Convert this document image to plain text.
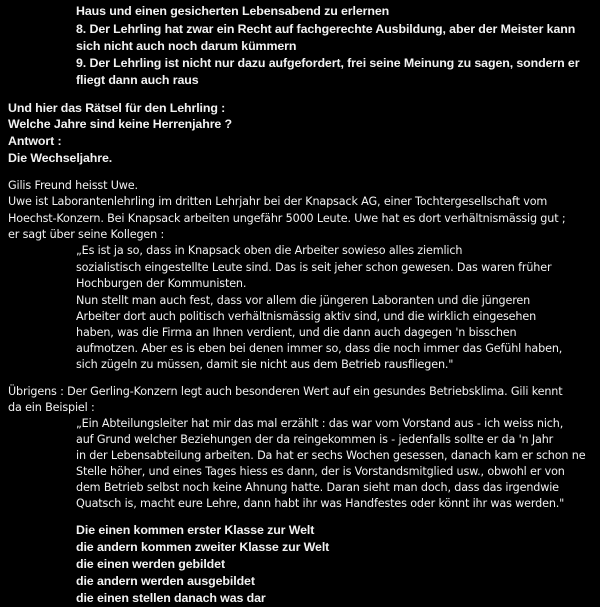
Haus und einen gesicherten Lebensabend zu erlernen
8. Der Lehrling hat zwar ein Recht auf fachgerechte Ausbildung, aber der Meister kann
sich nicht auch noch darum kümmern
9. Der Lehrling ist nicht nur dazu aufgefordert, frei seine Meinung zu sagen, sondern er
fliegt dann auch raus
Und hier das Rätsel für den Lehrling :
Welche Jahre sind keine Herrenjahre ?
Antwort :
Die Wechseljahre.
Gilis Freund heisst Uwe.
Uwe ist Laborantenlehrling im dritten Lehrjahr bei der Knapsack AG, einer Tochtergesellschaft vom
Hoechst-Konzern. Bei Knapsack arbeiten ungefähr 5000 Leute. Uwe hat es dort verhältnismässig gut ;
er sagt über seine Kollegen :
„Es ist ja so, dass in Knapsack oben die Arbeiter sowieso alles ziemlich
sozialistisch eingestellte Leute sind. Das is seit jeher schon gewesen. Das waren früher
Hochburgen der Kommunisten.
Nun stellt man auch fest, dass vor allem die jüngeren Laboranten und die jüngeren
Arbeiter dort auch politisch verhältnismässig aktiv sind, und die wirklich eingesehen
haben, was die Firma an Ihnen verdient, und die dann auch dagegen 'n bisschen
aufmotzen. Aber es is eben bei denen immer so, dass die noch immer das Gefühl haben,
sich zügeln zu müssen, damit sie nicht aus dem Betrieb rausfliegen."
Übrigens : Der Gerling-Konzern legt auch besonderen Wert auf ein gesundes Betriebsklima. Gili kennt
da ein Beispiel :
„Ein Abteilungsleiter hat mir das mal erzählt : das war vom Vorstand aus - ich weiss nich,
auf Grund welcher Beziehungen der da reingekommen is - jedenfalls sollte er da 'n Jahr
in der Lebensabteilung arbeiten. Da hat er sechs Wochen gesessen, danach kam er schon ne
Stelle höher, und eines Tages hiess es dann, der is Vorstandsmitglied usw., obwohl er von
dem Betrieb selbst noch keine Ahnung hatte. Daran sieht man doch, dass das irgendwie
Quatsch is, macht eure Lehre, dann habt ihr was Handfestes oder könnt ihr was werden."
Die einen kommen erster Klasse zur Welt
die andern kommen zweiter Klasse zur Welt
die einen werden gebildet
die andern werden ausgebildet
die einen stellen danach was dar
